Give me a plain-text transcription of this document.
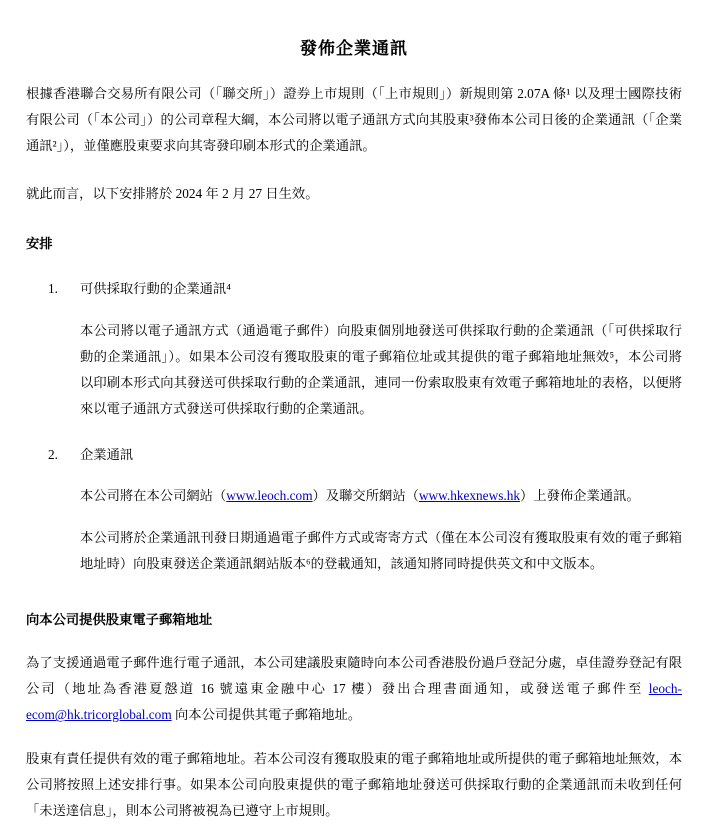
發佈企業通訊

根據香港聯合交易所有限公司（「聯交所」）證券上市規則（「上市規則」）新規則第 2.07A 條¹ 以及理士國際技術有限公司（「本公司」）的公司章程大綱，本公司將以電子通訊方式向其股東³發佈本公司日後的企業通訊（「企業通訊²」），並僅應股東要求向其寄發印刷本形式的企業通訊。

就此而言，以下安排將於 2024 年 2 月 27 日生效。

安排

1. 可供採取行動的企業通訊⁴

本公司將以電子通訊方式（通過電子郵件）向股東個別地發送可供採取行動的企業通訊（「可供採取行動的企業通訊」）。如果本公司沒有獲取股東的電子郵箱位址或其提供的電子郵箱地址無效⁵，本公司將以印刷本形式向其發送可供採取行動的企業通訊，連同一份索取股東有效電子郵箱地址的表格，以便將來以電子通訊方式發送可供採取行動的企業通訊。

2. 企業通訊

本公司將在本公司網站（www.leoch.com）及聯交所網站（www.hkexnews.hk）上發佈企業通訊。

本公司將於企業通訊刊發日期通過電子郵件方式或寄寄方式（僅在本公司沒有獲取股東有效的電子郵箱地址時）向股東發送企業通訊網站版本⁶的登載通知，該通知將同時提供英文和中文版本。

向本公司提供股東電子郵箱地址

為了支援通過電子郵件進行電子通訊，本公司建議股東隨時向本公司香港股份過戶登記分處，卓佳證券登記有限公司（地址為香港夏慤道 16 號遠東金融中心 17 樓）發出合理書面通知，或發送電子郵件至 leoch-ecom@hk.tricorglobal.com 向本公司提供其電子郵箱地址。

股東有責任提供有效的電子郵箱地址。若本公司沒有獲取股東的電子郵箱地址或所提供的電子郵箱地址無效，本公司將按照上述安排行事。如果本公司向股東提供的電子郵箱地址發送可供採取行動的企業通訊而未收到任何「未送達信息」，則本公司將被視為已遵守上市規則。
